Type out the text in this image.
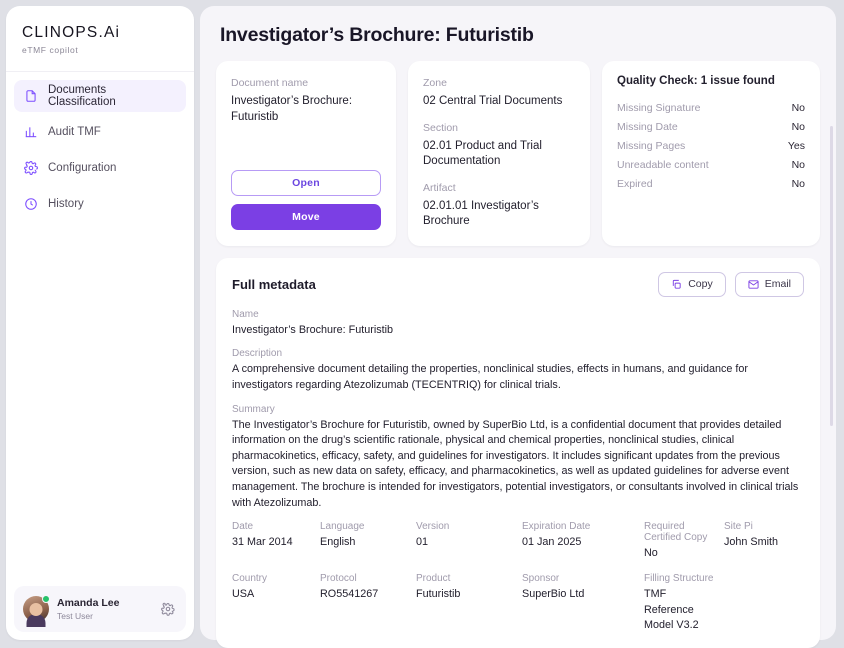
CLINOPS.Ai
eTMF copilot
Documents Classification
Audit TMF
Configuration
History
Amanda Lee
Test User
Investigator’s Brochure: Futuristib
Document name
Investigator’s Brochure: Futuristib
Open
Move
Zone
02 Central Trial Documents
Section
02.01 Product and Trial Documentation
Artifact
02.01.01 Investigator’s Brochure
Quality Check: 1 issue found
Missing Signature	No
Missing Date	No
Missing Pages	Yes
Unreadable content	No
Expired	No
Full metadata	Copy	Email
Name
Investigator’s Brochure: Futuristib
Description
A comprehensive document detailing the properties, nonclinical studies, effects in humans, and guidance for investigators regarding Atezolizumab (TECENTRIQ) for clinical trials.
Summary
The Investigator’s Brochure for Futuristib, owned by SuperBio Ltd, is a confidential document that provides detailed information on the drug’s scientific rationale, physical and chemical properties, nonclinical studies, clinical pharmacokinetics, efficacy, safety, and guidelines for investigators. It includes significant updates from the previous version, such as new data on safety, efficacy, and pharmacokinetics, as well as updated guidelines for adverse event management. The brochure is intended for investigators, potential investigators, or consultants involved in clinical trials with Atezolizumab.
Date
31 Mar 2014
Language
English
Version
01
Expiration Date
01 Jan 2025
Required Certified Copy
No
Site Pi
John Smith
Country
USA
Protocol
RO5541267
Product
Futuristib
Sponsor
SuperBio Ltd
Filling Structure
TMF Reference Model V3.2
